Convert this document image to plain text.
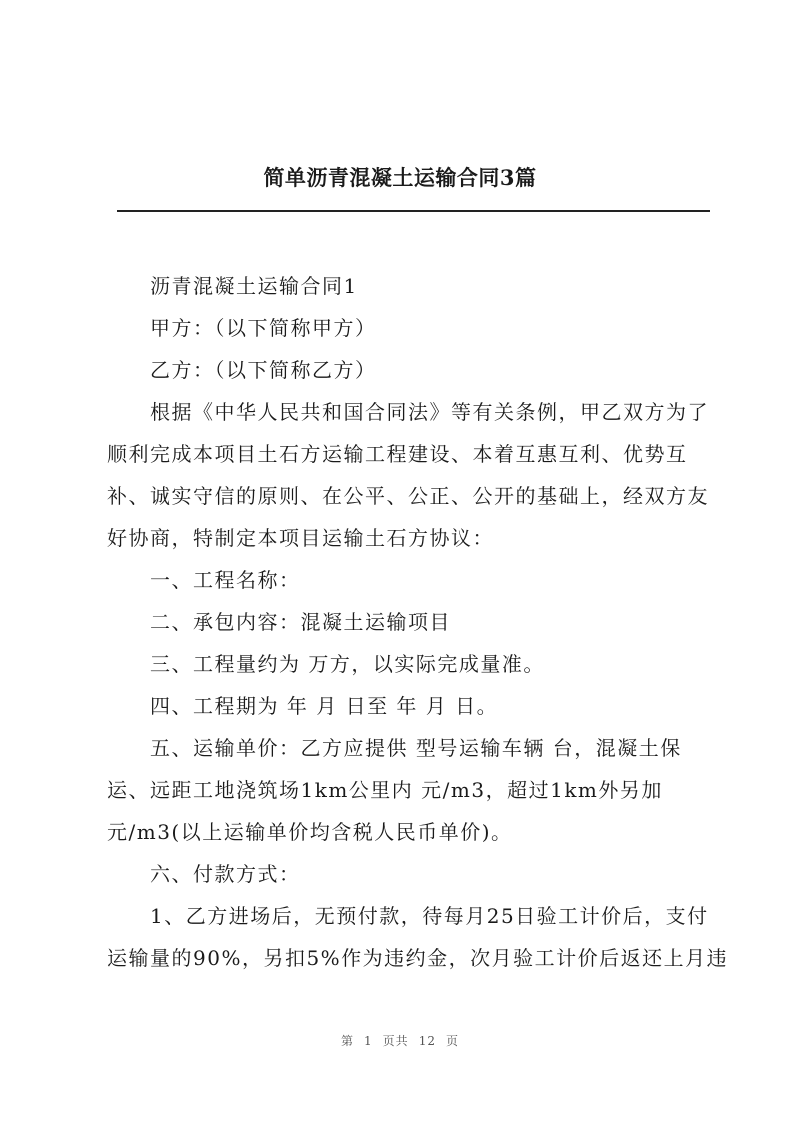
简单沥青混凝土运输合同3篇
沥青混凝土运输合同1
甲方：（以下简称甲方）
乙方：（以下简称乙方）
根据《中华人民共和国合同法》等有关条例，甲乙双方为了
顺利完成本项目土石方运输工程建设、本着互惠互利、优势互
补、诚实守信的原则、在公平、公正、公开的基础上，经双方友
好协商，特制定本项目运输土石方协议：
一、工程名称：
二、承包内容：混凝土运输项目
三、工程量约为 万方，以实际完成量准。
四、工程期为 年 月 日至 年 月 日。
五、运输单价：乙方应提供 型号运输车辆 台，混凝土保
运、远距工地浇筑场1km公里内 元/m3，超过1km外另加
元/m3(以上运输单价均含税人民币单价)。
六、付款方式：
1、乙方进场后，无预付款，待每月25日验工计价后，支付
运输量的90%，另扣5%作为违约金，次月验工计价后返还上月违
第 1 页共 12 页
